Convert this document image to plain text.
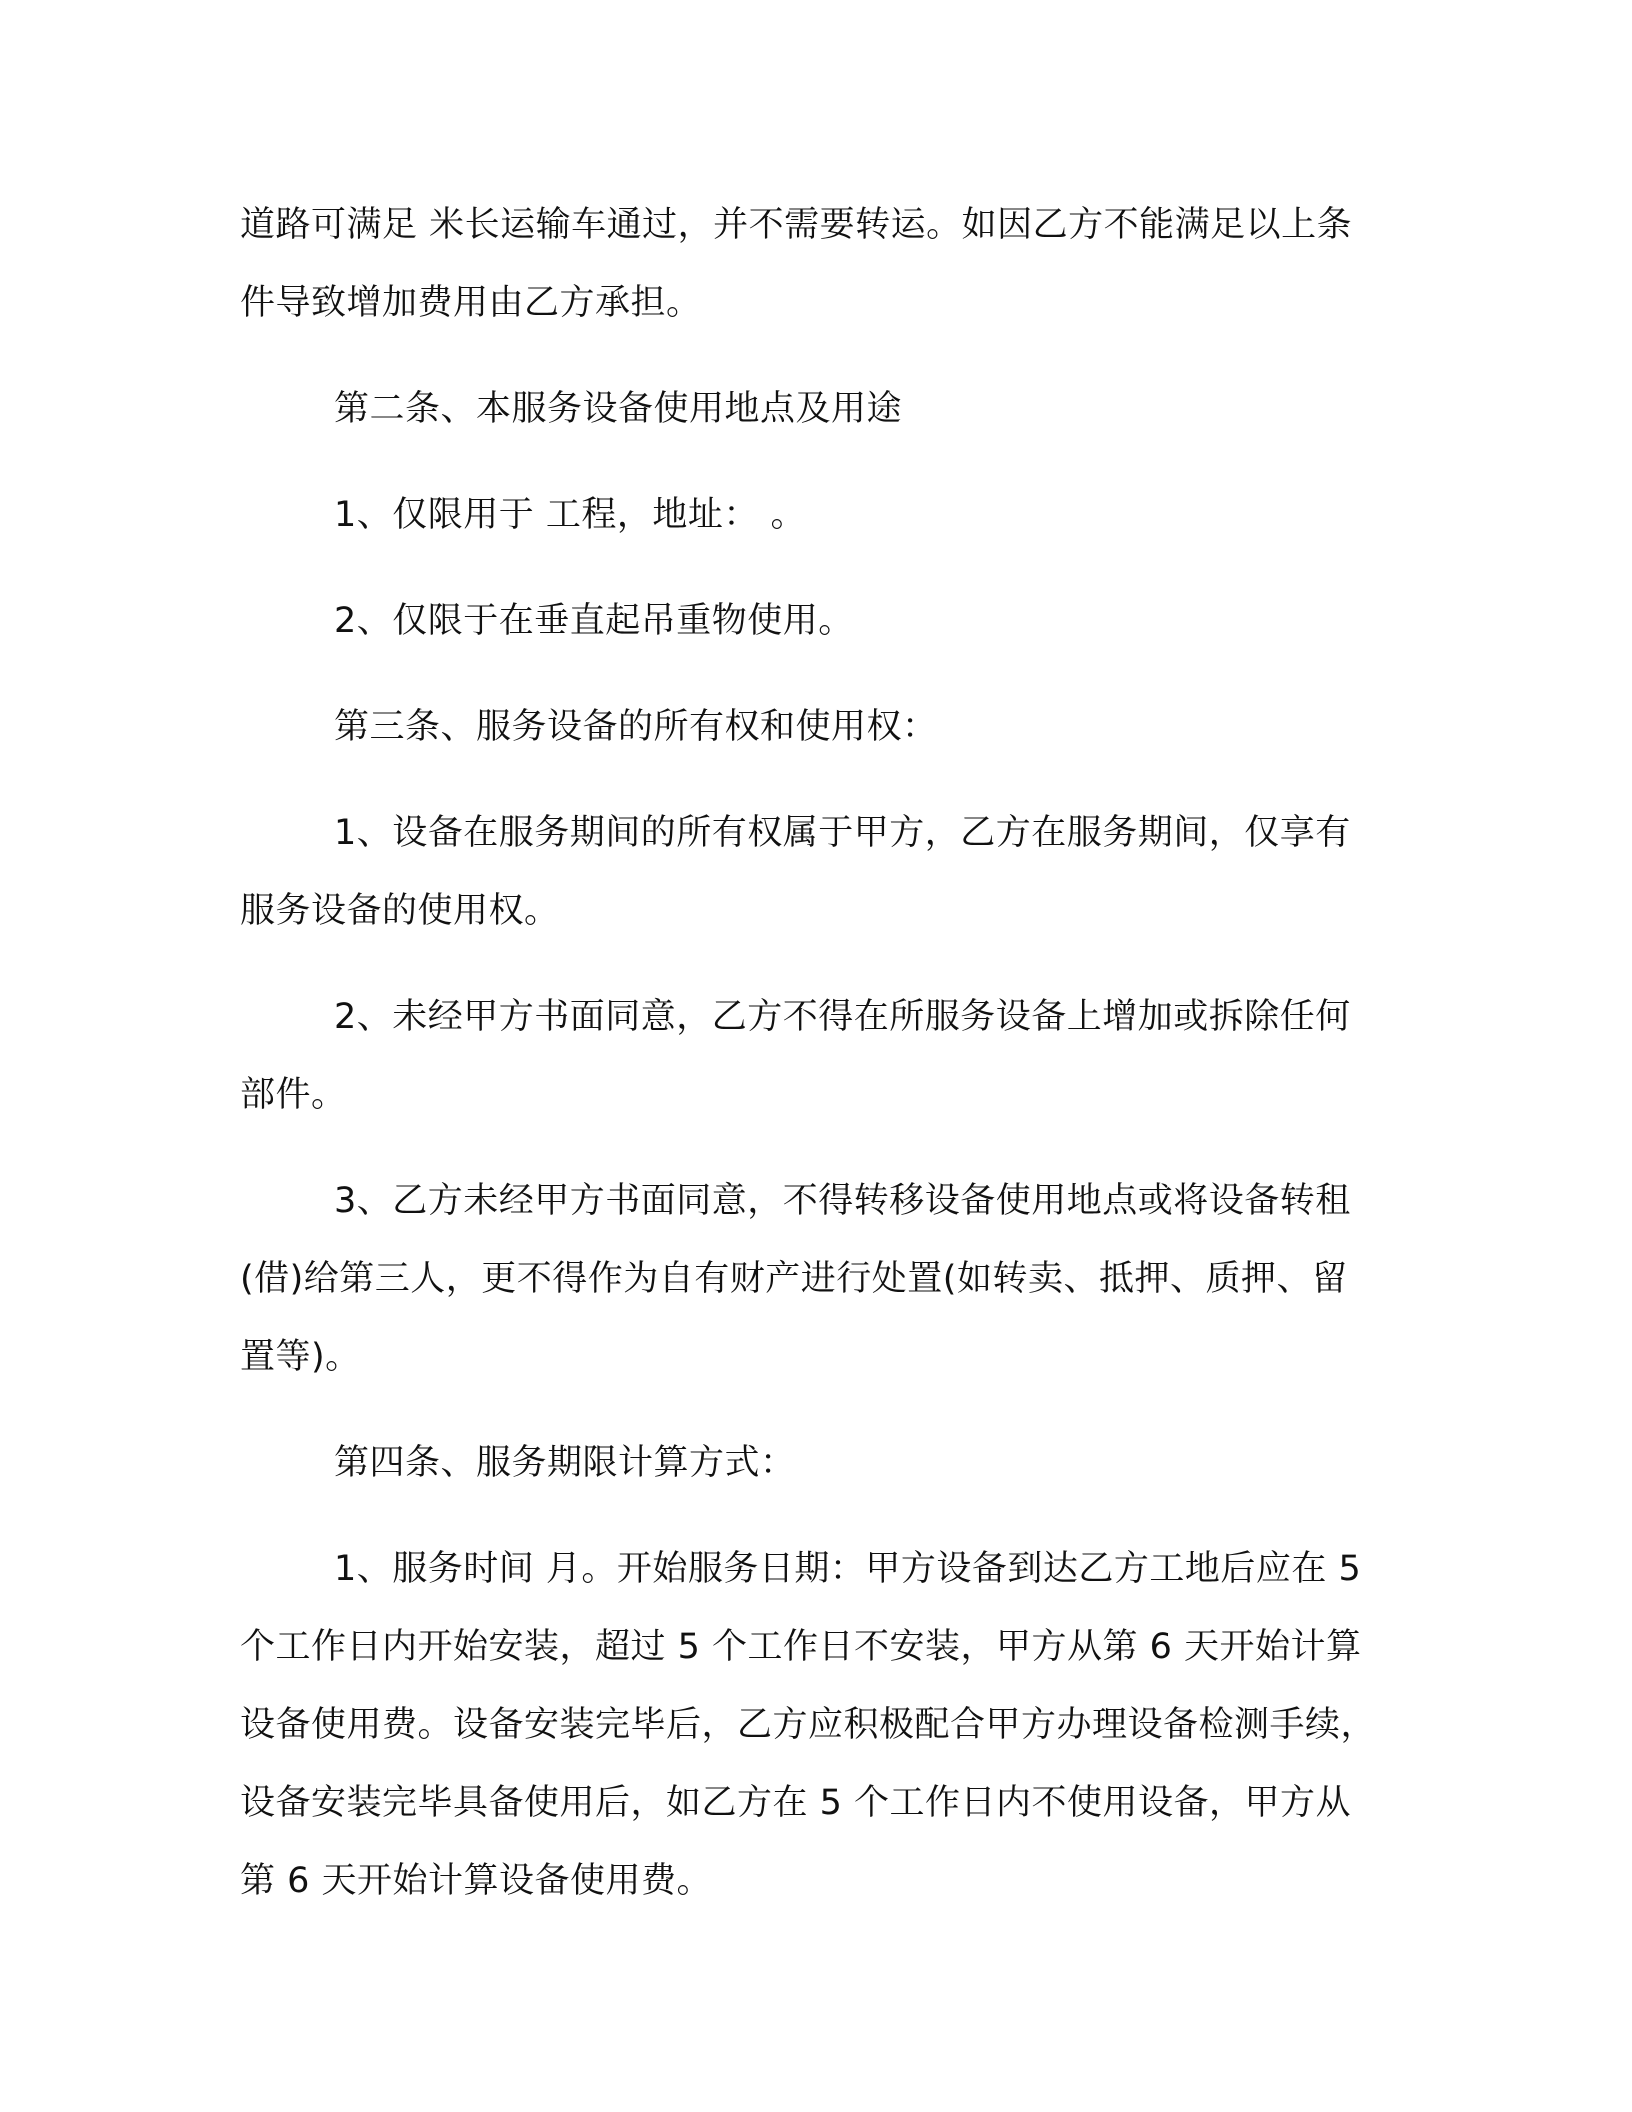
道路可满足 米长运输车通过，并不需要转运。如因乙方不能满足以上条件导致增加费用由乙方承担。

第二条、本服务设备使用地点及用途

1、仅限用于 工程，地址： 。

2、仅限于在垂直起吊重物使用。

第三条、服务设备的所有权和使用权：

1、设备在服务期间的所有权属于甲方，乙方在服务期间，仅享有服务设备的使用权。

2、未经甲方书面同意，乙方不得在所服务设备上增加或拆除任何部件。

3、乙方未经甲方书面同意，不得转移设备使用地点或将设备转租(借)给第三人，更不得作为自有财产进行处置(如转卖、抵押、质押、留置等)。

第四条、服务期限计算方式：

1、服务时间 月。开始服务日期：甲方设备到达乙方工地后应在 5 个工作日内开始安装，超过 5 个工作日不安装，甲方从第 6 天开始计算设备使用费。设备安装完毕后，乙方应积极配合甲方办理设备检测手续，设备安装完毕具备使用后，如乙方在 5 个工作日内不使用设备，甲方从第 6 天开始计算设备使用费。
